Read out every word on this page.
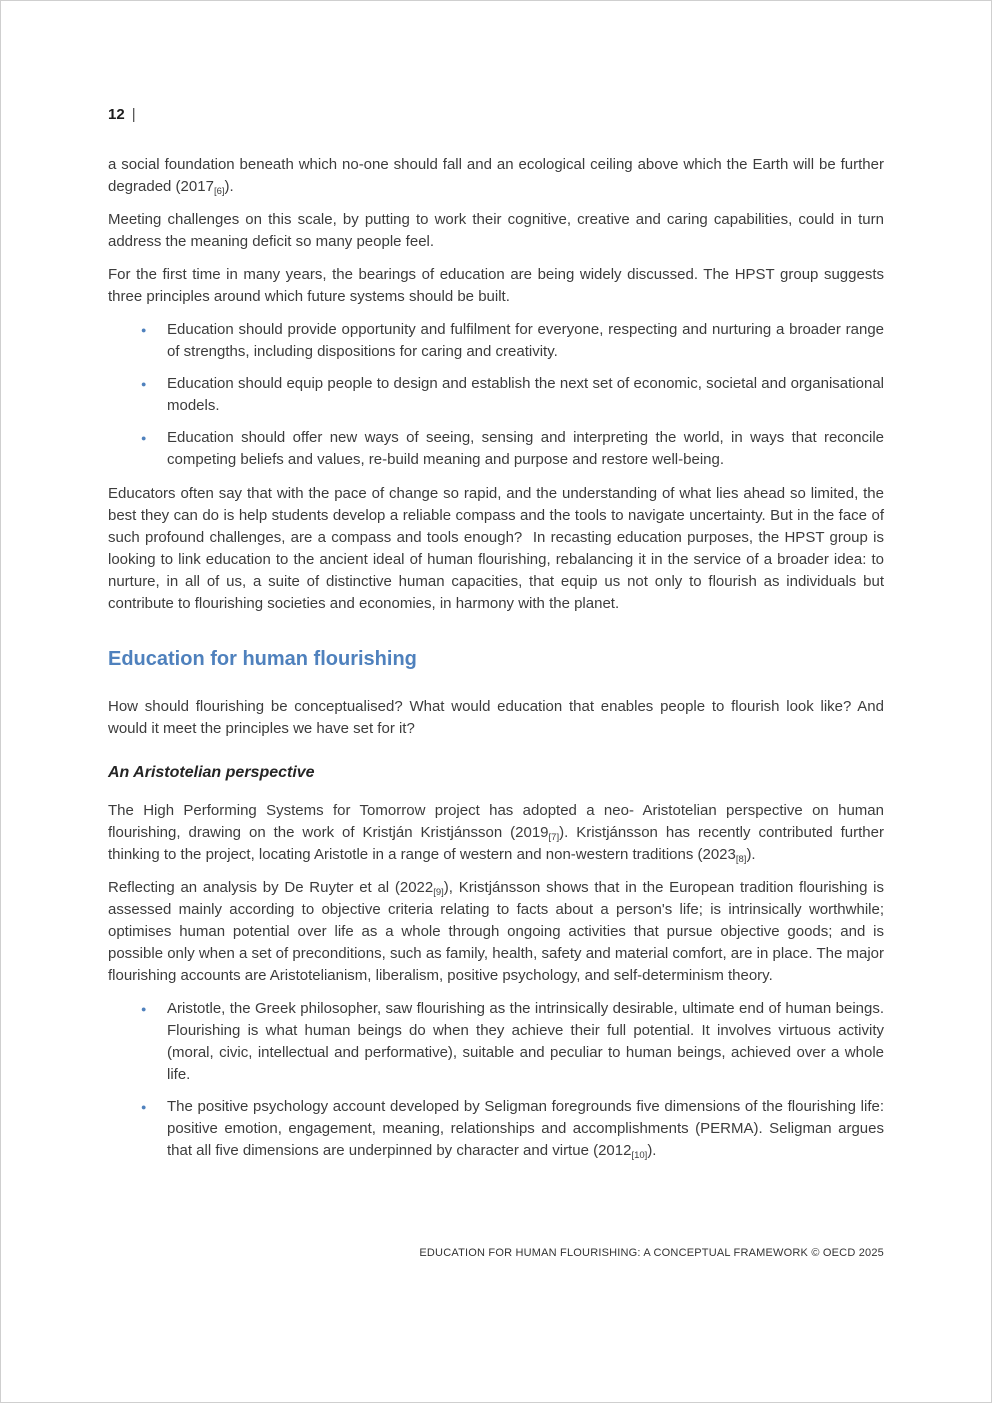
12 |

a social foundation beneath which no-one should fall and an ecological ceiling above which the Earth will be further degraded $(2017_{[6]})$.

Meeting challenges on this scale, by putting to work their cognitive, creative and caring capabilities, could in turn address the meaning deficit so many people feel.

For the first time in many years, the bearings of education are being widely discussed. The HPST group suggests three principles around which future systems should be built.

● Education should provide opportunity and fulfilment for everyone, respecting and nurturing a broader range of strengths, including dispositions for caring and creativity.
● Education should equip people to design and establish the next set of economic, societal and organisational models.
● Education should offer new ways of seeing, sensing and interpreting the world, in ways that reconcile competing beliefs and values, re-build meaning and purpose and restore well-being.

Educators often say that with the pace of change so rapid, and the understanding of what lies ahead so limited, the best they can do is help students develop a reliable compass and the tools to navigate uncertainty. But in the face of such profound challenges, are a compass and tools enough?  In recasting education purposes, the HPST group is looking to link education to the ancient ideal of human flourishing, rebalancing it in the service of a broader idea: to nurture, in all of us, a suite of distinctive human capacities, that equip us not only to flourish as individuals but contribute to flourishing societies and economies, in harmony with the planet.

Education for human flourishing

How should flourishing be conceptualised? What would education that enables people to flourish look like? And would it meet the principles we have set for it?

An Aristotelian perspective

The High Performing Systems for Tomorrow project has adopted a neo- Aristotelian perspective on human flourishing, drawing on the work of Kristján Kristjánsson $(2019_{[7]})$. Kristjánsson has recently contributed further thinking to the project, locating Aristotle in a range of western and non-western traditions $(2023_{[8]})$.

Reflecting an analysis by De Ruyter et al $(2022_{[9]})$, Kristjánsson shows that in the European tradition flourishing is assessed mainly according to objective criteria relating to facts about a person's life; is intrinsically worthwhile; optimises human potential over life as a whole through ongoing activities that pursue objective goods; and is possible only when a set of preconditions, such as family, health, safety and material comfort, are in place. The major flourishing accounts are Aristotelianism, liberalism, positive psychology, and self-determinism theory.

● Aristotle, the Greek philosopher, saw flourishing as the intrinsically desirable, ultimate end of human beings. Flourishing is what human beings do when they achieve their full potential. It involves virtuous activity (moral, civic, intellectual and performative), suitable and peculiar to human beings, achieved over a whole life.
● The positive psychology account developed by Seligman foregrounds five dimensions of the flourishing life: positive emotion, engagement, meaning, relationships and accomplishments (PERMA). Seligman argues that all five dimensions are underpinned by character and virtue $(2012_{[10]})$.
EDUCATION FOR HUMAN FLOURISHING: A CONCEPTUAL FRAMEWORK © OECD 2025
